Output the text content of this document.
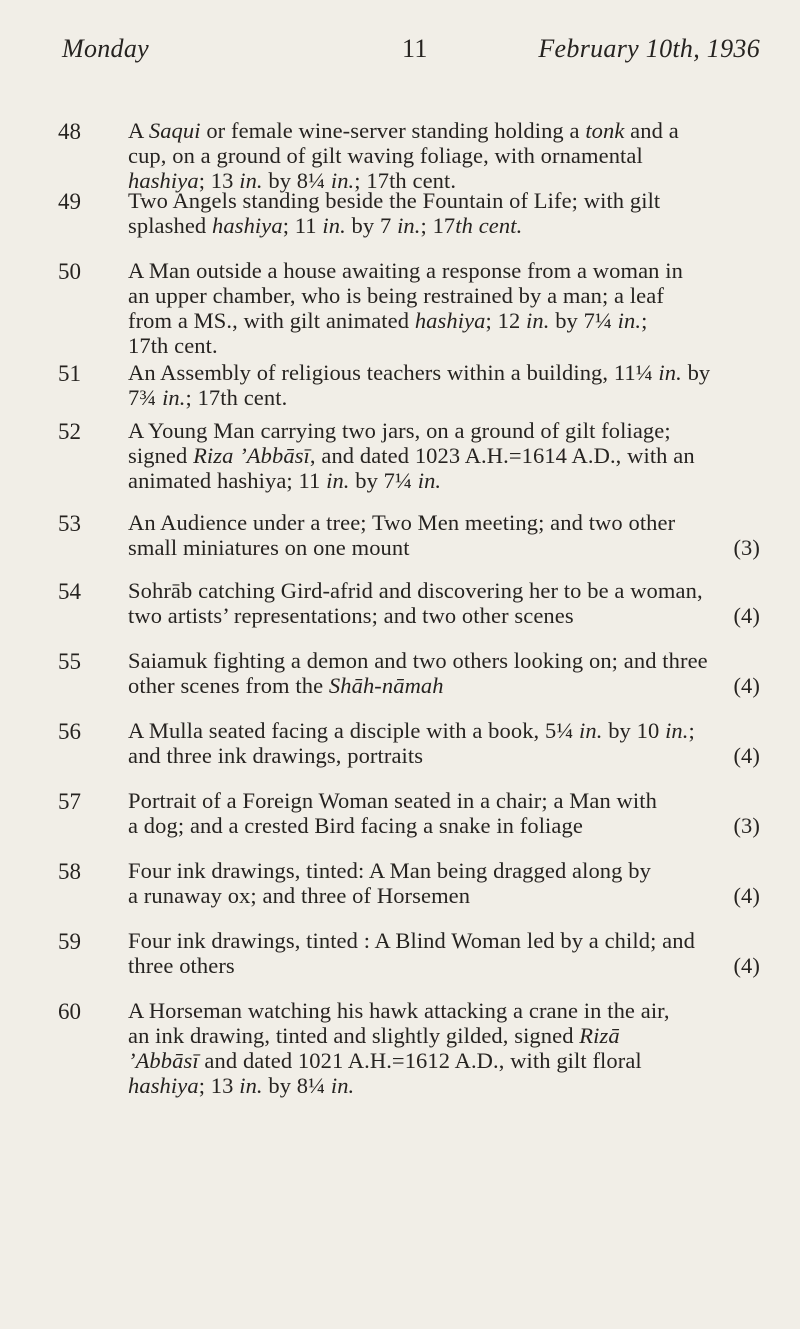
Monday	11	February 10th, 1936
48 A Saqui or female wine-server standing holding a tonk and a
cup, on a ground of gilt waving foliage, with ornamental
hashiya; 13 in. by 8¼ in.; 17th cent.
49 Two Angels standing beside the Fountain of Life; with gilt
splashed hashiya; 11 in. by 7 in.; 17th cent.
50 A Man outside a house awaiting a response from a woman in
an upper chamber, who is being restrained by a man; a leaf
from a MS., with gilt animated hashiya; 12 in. by 7¼ in.;
17th cent.
51 An Assembly of religious teachers within a building, 11¼ in. by
7¾ in.; 17th cent.
52 A Young Man carrying two jars, on a ground of gilt foliage;
signed Riza ’Abbāsī, and dated 1023 A.H.=1614 A.D., with an
animated hashiya; 11 in. by 7¼ in.
53 An Audience under a tree; Two Men meeting; and two other
small miniatures on one mount	(3)
54 Sohrāb catching Gird-afrid and discovering her to be a woman,
two artists’ representations; and two other scenes	(4)
55 Saiamuk fighting a demon and two others looking on; and three
other scenes from the Shāh-nāmah	(4)
56 A Mulla seated facing a disciple with a book, 5¼ in. by 10 in.;
and three ink drawings, portraits	(4)
57 Portrait of a Foreign Woman seated in a chair; a Man with
a dog; and a crested Bird facing a snake in foliage	(3)
58 Four ink drawings, tinted: A Man being dragged along by
a runaway ox; and three of Horsemen	(4)
59 Four ink drawings, tinted : A Blind Woman led by a child; and
three others	(4)
60 A Horseman watching his hawk attacking a crane in the air,
an ink drawing, tinted and slightly gilded, signed Rizā
’Abbāsī and dated 1021 A.H.=1612 A.D., with gilt floral
hashiya; 13 in. by 8¼ in.
